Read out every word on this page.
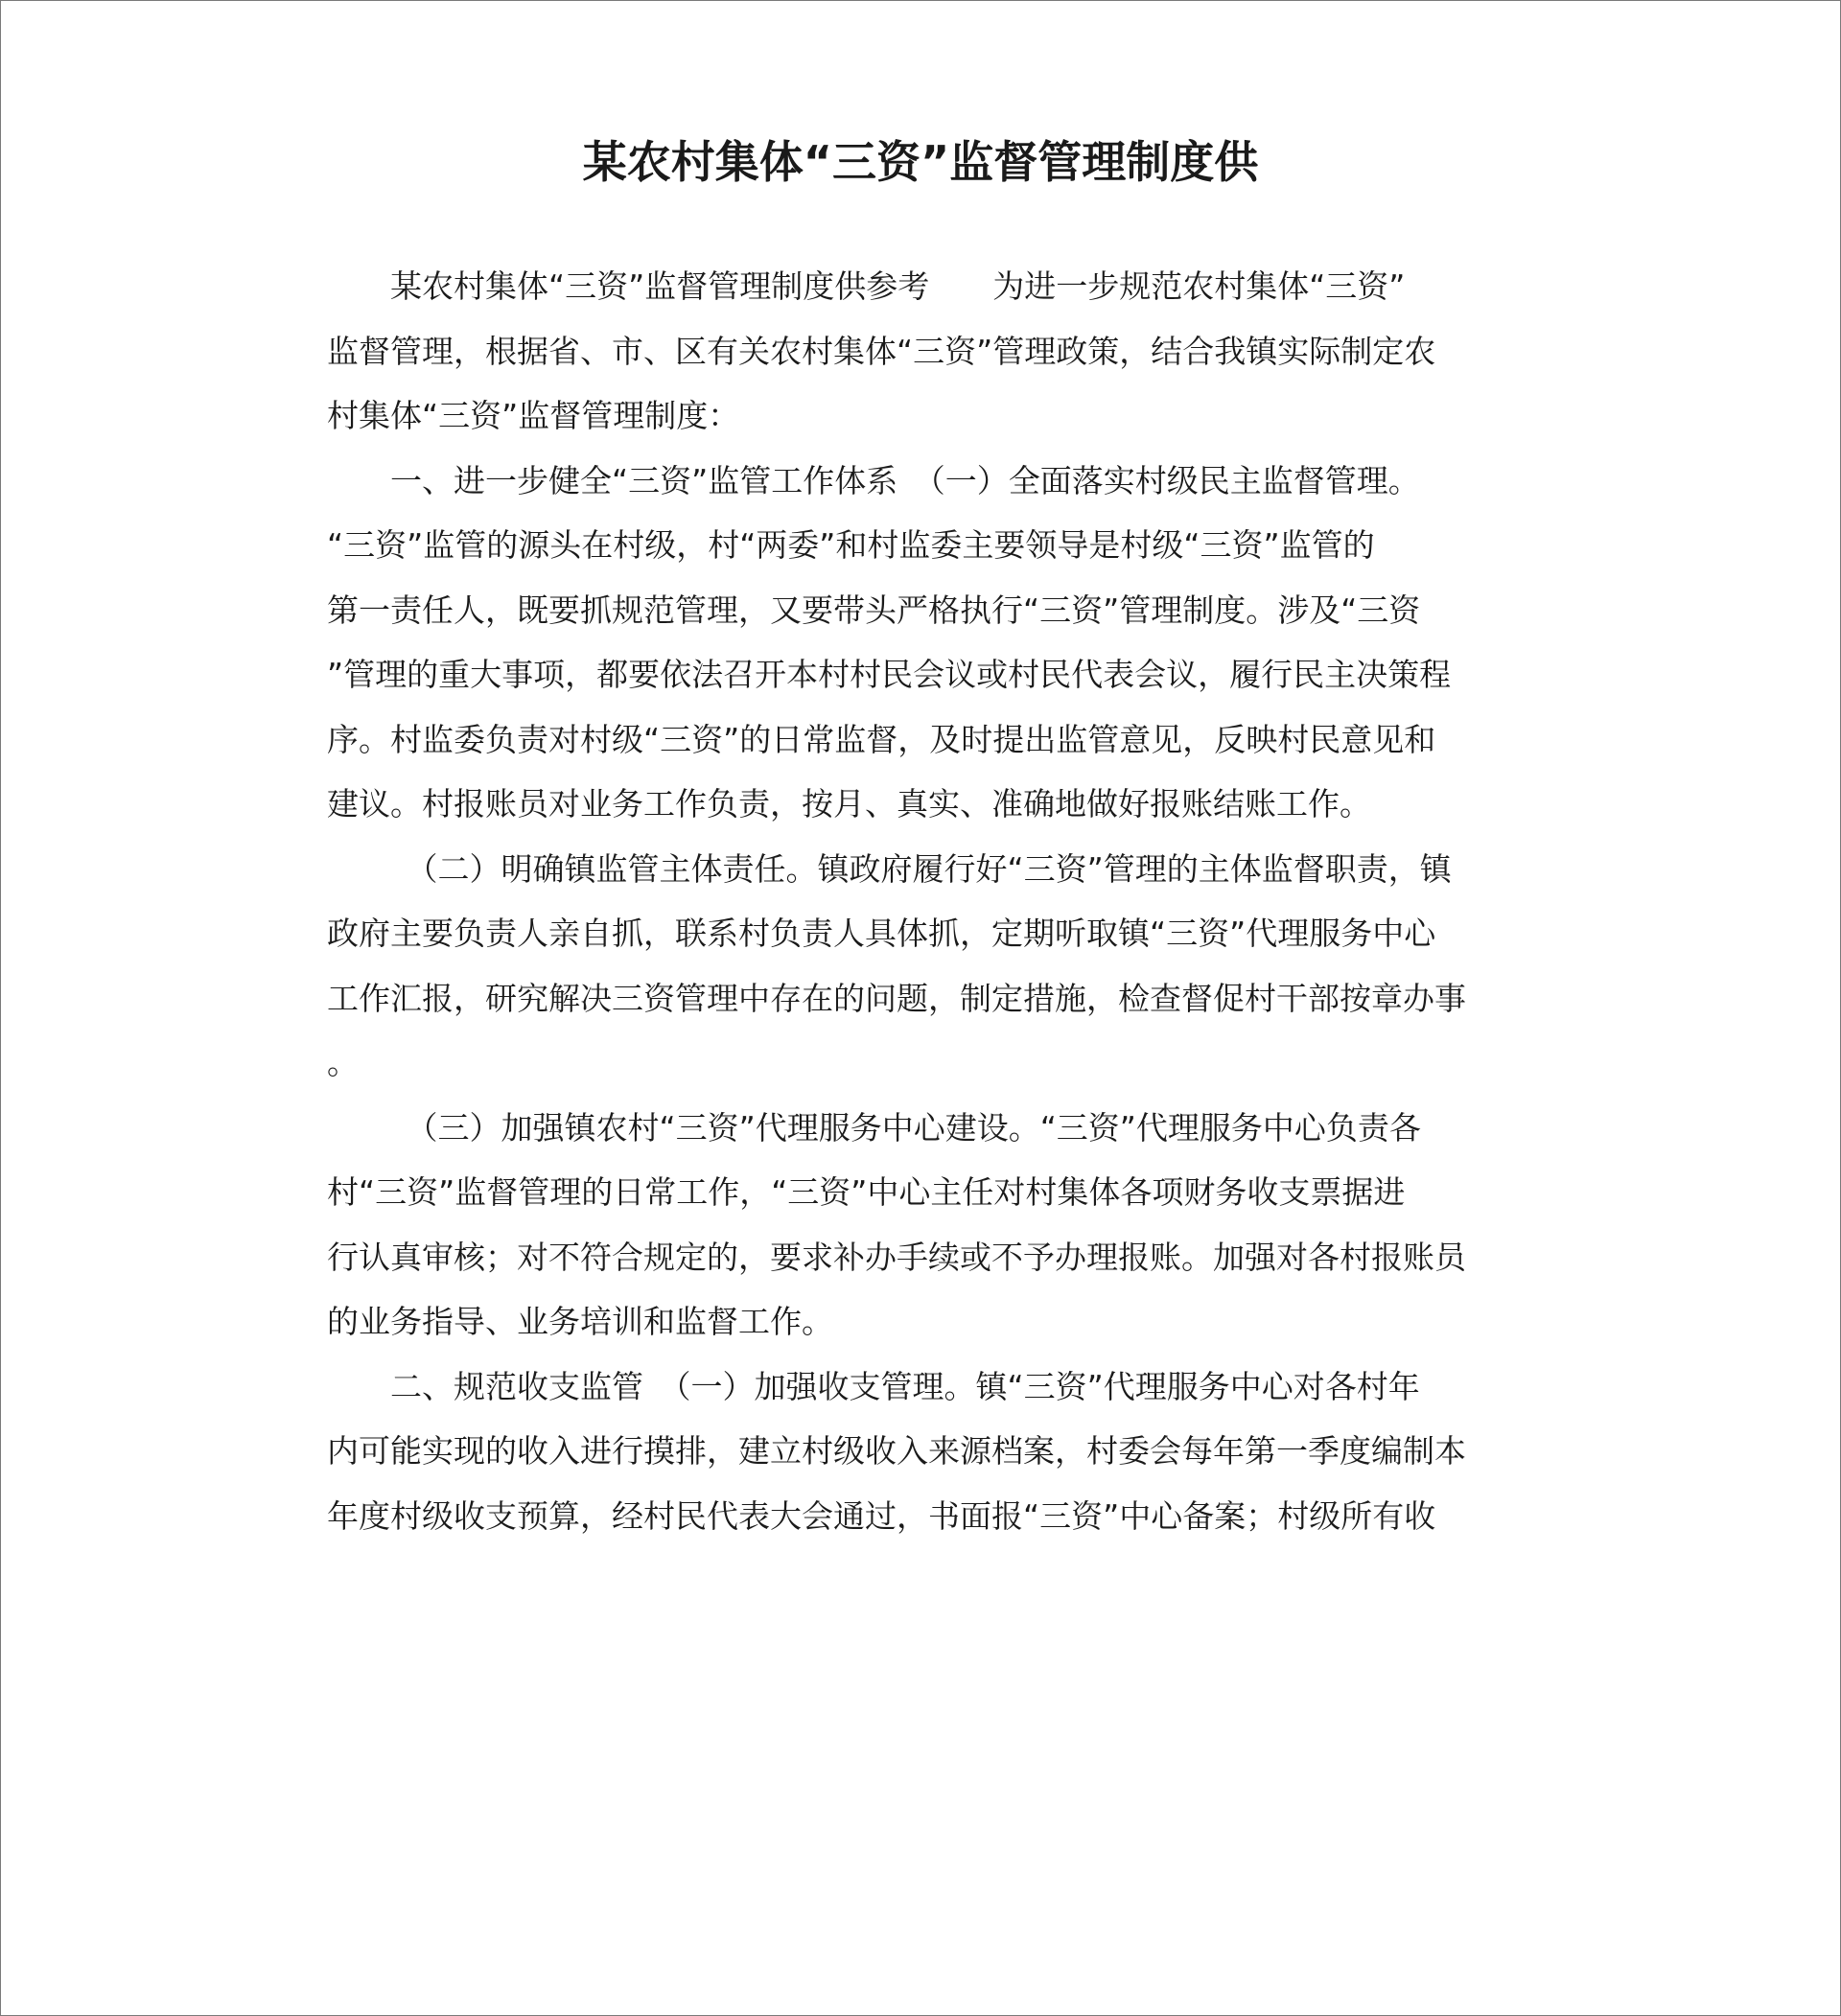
某农村集体“三资”监督管理制度供
　　某农村集体“三资”监督管理制度供参考　　为进一步规范农村集体“三资”
监督管理，根据省、市、区有关农村集体“三资”管理政策，结合我镇实际制定农
村集体“三资”监督管理制度：
　　一、进一步健全“三资”监管工作体系　（一）全面落实村级民主监督管理。
“三资”监管的源头在村级，村“两委”和村监委主要领导是村级“三资”监管的
第一责任人，既要抓规范管理，又要带头严格执行“三资”管理制度。涉及“三资
”管理的重大事项，都要依法召开本村村民会议或村民代表会议，履行民主决策程
序。村监委负责对村级“三资”的日常监督，及时提出监管意见，反映村民意见和
建议。村报账员对业务工作负责，按月、真实、准确地做好报账结账工作。
　　　（二）明确镇监管主体责任。镇政府履行好“三资”管理的主体监督职责，镇
政府主要负责人亲自抓，联系村负责人具体抓，定期听取镇“三资”代理服务中心
工作汇报，研究解决三资管理中存在的问题，制定措施，检查督促村干部按章办事
。
　　　（三）加强镇农村“三资”代理服务中心建设。“三资”代理服务中心负责各
村“三资”监督管理的日常工作，“三资”中心主任对村集体各项财务收支票据进
行认真审核；对不符合规定的，要求补办手续或不予办理报账。加强对各村报账员
的业务指导、业务培训和监督工作。
　　二、规范收支监管　（一）加强收支管理。镇“三资”代理服务中心对各村年
内可能实现的收入进行摸排，建立村级收入来源档案，村委会每年第一季度编制本
年度村级收支预算，经村民代表大会通过，书面报“三资”中心备案；村级所有收
